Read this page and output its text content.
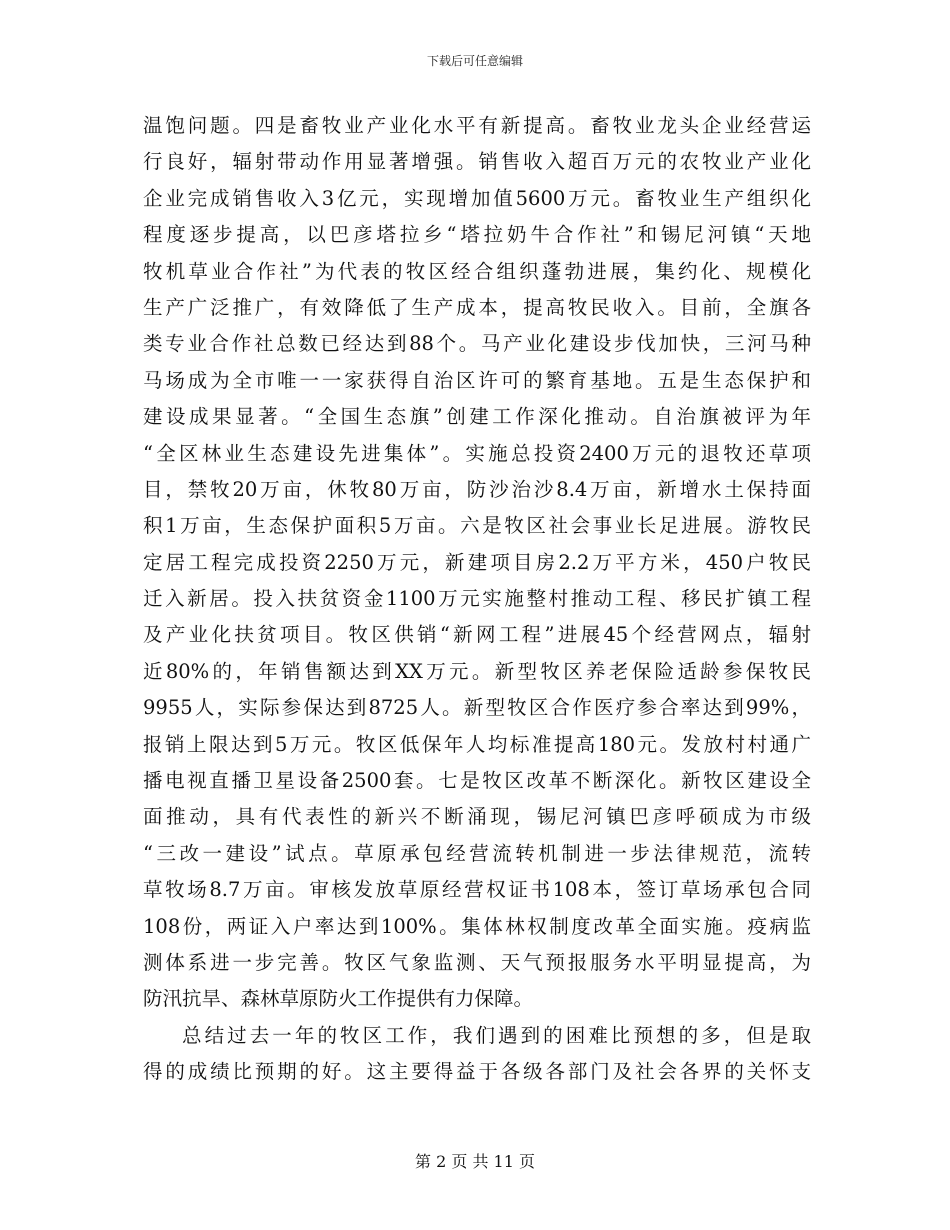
下载后可任意编辑
温饱问题。四是畜牧业产业化水平有新提高。畜牧业龙头企业经营运
行良好，辐射带动作用显著增强。销售收入超百万元的农牧业产业化
企业完成销售收入3亿元，实现增加值5600万元。畜牧业生产组织化
程度逐步提高，以巴彦塔拉乡“塔拉奶牛合作社”和锡尼河镇“天地
牧机草业合作社”为代表的牧区经合组织蓬勃进展，集约化、规模化
生产广泛推广，有效降低了生产成本，提高牧民收入。目前，全旗各
类专业合作社总数已经达到88个。马产业化建设步伐加快，三河马种
马场成为全市唯一一家获得自治区许可的繁育基地。五是生态保护和
建设成果显著。“全国生态旗”创建工作深化推动。自治旗被评为年
“全区林业生态建设先进集体”。实施总投资2400万元的退牧还草项
目，禁牧20万亩，休牧80万亩，防沙治沙8.4万亩，新增水土保持面
积1万亩，生态保护面积5万亩。六是牧区社会事业长足进展。游牧民
定居工程完成投资2250万元，新建项目房2.2万平方米，450户牧民
迁入新居。投入扶贫资金1100万元实施整村推动工程、移民扩镇工程
及产业化扶贫项目。牧区供销“新网工程”进展45个经营网点，辐射
近80%的，年销售额达到XX万元。新型牧区养老保险适龄参保牧民
9955人，实际参保达到8725人。新型牧区合作医疗参合率达到99%，
报销上限达到5万元。牧区低保年人均标准提高180元。发放村村通广
播电视直播卫星设备2500套。七是牧区改革不断深化。新牧区建设全
面推动，具有代表性的新兴不断涌现，锡尼河镇巴彦呼硕成为市级
“三改一建设”试点。草原承包经营流转机制进一步法律规范，流转
草牧场8.7万亩。审核发放草原经营权证书108本，签订草场承包合同
108份，两证入户率达到100%。集体林权制度改革全面实施。疫病监
测体系进一步完善。牧区气象监测、天气预报服务水平明显提高，为
防汛抗旱、森林草原防火工作提供有力保障。
总结过去一年的牧区工作，我们遇到的困难比预想的多，但是取
得的成绩比预期的好。这主要得益于各级各部门及社会各界的关怀支
第 2 页 共 11 页
